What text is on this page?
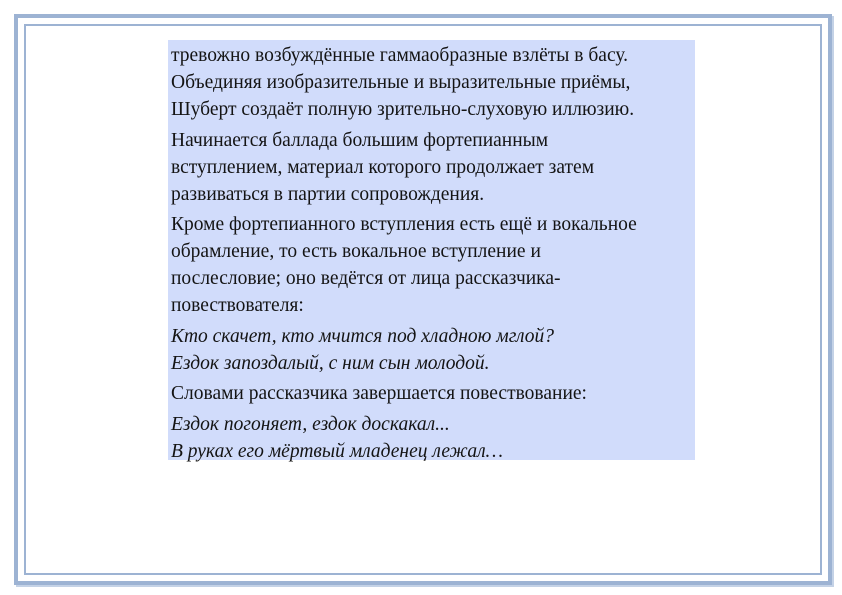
тревожно возбуждённые гаммаобразные взлёты в басу.
Объединяя изобразительные и выразительные приёмы,
Шуберт создаёт полную зрительно-слуховую иллюзию.

Начинается баллада большим фортепианным
вступлением, материал которого продолжает затем
развиваться в партии сопровождения.

Кроме фортепианного вступления есть ещё и вокальное
обрамление, то есть вокальное вступление и
послесловие; оно ведётся от лица рассказчика-
повествователя:

Кто скачет, кто мчится под хладною мглой?
Ездок запоздалый, с ним сын молодой.

Словами рассказчика завершается повествование:

Ездок погоняет, ездок доскакал...
В руках его мёртвый младенец лежал…
